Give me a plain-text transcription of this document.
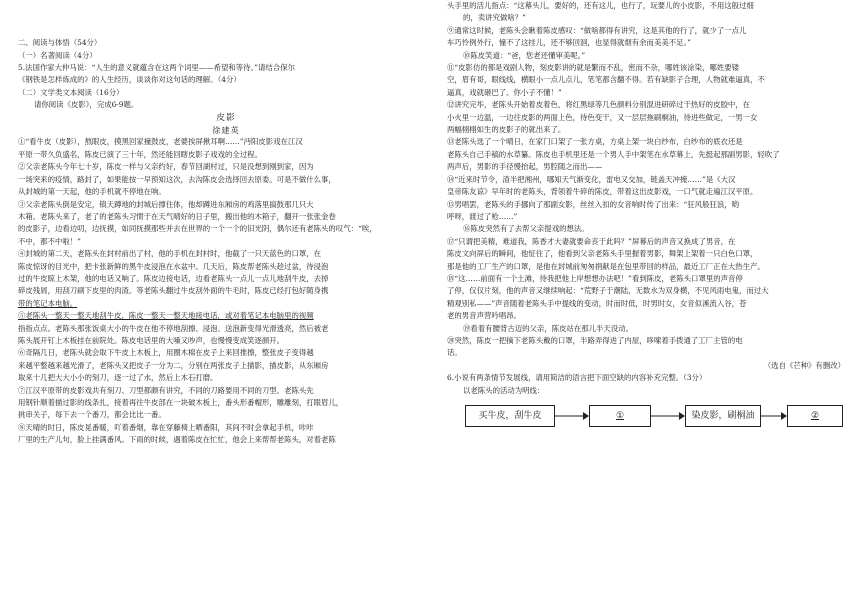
二、阅读与体悟（54分）
（一）名著阅读（4分）
5.法国作家大仲马说：“人生的意义就蕴含在这两个词里——希望和等待。”请结合保尔
《钢铁是怎样炼成的》的人生经历，谈谈你对这句话的理解。（4分）
（二）文学类文本阅读（16分）
请你阅读《皮影》，完成6-9题。
皮影
徐建英
①“看牛皮（皮影），熬眼皮，摸黑回家撞鼓皮，老婆挨屏揪耳啊……”沔阳皮影戏在江汉
平原一带久负盛名，陈皮已演了三十年，然还能回瞎皮影子戏戏的全过程。
②父亲老陈头今年七十岁，陈皮一样与父亲约好，春节回湖村过，只是没想到刚到家，因为
一场突来的疫情，路封了，如果能按一早预知这次，去沟陈皮会选择回去原委。可是不做什么事，
从封城的第一天起，他的手机就不停地在响。
③父亲老陈头倒是安定，镇天蹲地的封城后撑住体，他却蹲进东厢房的鸡落里搞鼓那几只大
木箱。老陈头来了，老了的老陈头习惯于在天气晴好的日子里，搬出他的木箱子，翻开一张张金卷
的皮影子，边看边叨，边抚摸，如同抚摸那些并去在世界的一个一个的旧光阴，偶尔还有老陈头的叹气：“唉，
不中，都不中啦！”
④封城的第二天，老陈头在封村前出了村，他的手机在封村时，他截了一只天蓝色的口罩，在
陈皮惊讶的目光中，把卡张新鲜的黑牛皮浸泡在水盆中。几天后，陈皮帮老陈头趁过盆，待浸泡
过的牛皮晾上木架，他的电话又响了。陈皮边接电话，边看老陈头一点儿一点儿地刮牛皮，去掉
碎皮残屑，用刮刀刷下皮里的肉渣。等老陈头翻过牛皮刮外面的牛毛时，陈皮已经打包好随身携
带的笔记本电脑。
⑤老陈头一整天一整天地刮牛皮，陈皮一整天一整天地接电话，或对着笔记本电脑里的视频
指指点点。老陈头那张饭桌大小的牛皮在他不停地刮擦、浸泡、送泡新变得光滑透亮，然后被老
陈头展开钉上木板挂在前院处。陈皮电话里的大嗓又吵声，也慢慢变成笑逐颜开。
⑥奇隔几日，老陈头就会取下牛皮上木板上，用圈木棉在皮子上来回推擦，整张皮子变得越
来越平整越来越光滑了，老陈头又把皮子一分为二，分别在两张皮子上描影，描皮影，从东厢房
取来十几把大大小小的刻刀，逐一过了水，然后上木石打磨。
⑦江汉平原带的皮影戏共有刻刀、刀型都颇有讲究，不同的刀路要用不同的刀型。老陈头先
用钢针顺着描过影的线条扎，接着再往牛皮部在一块破木板上，番头形番帽形，雕雕刻，打眼眉儿，
挑串关子，每下去一个番刀，都会比比一番。
⑧天晴的时日，陈皮晃番暖，吖着番烟，靠在穿藤椅上晒番阳，其间不时会拿起手机，咔咔
厂里的生产儿句，脸上挂满番风。下雨的时候，遇着陈皮在忙忙，他会上来帮帮老陈头，对着老陈
头手里的活儿指点：“这幕头儿，要好的，还有这儿，也行了，玩要儿的小皮影，不用这般过细
的，卖讲究做啥？”
⑨通常这时候，老陈头会瞅着陈皮感叹：“做啥都得有讲究，这是其他的行了，就少了一点儿
车巧怜例外行，憧不了这挂儿，还不够回洄，也显得就烟有余而美美不足。”
⑩陈皮笑道：“爸，您老还懂审美呢。”
⑪“皮影仿的都是戏剧人物，刻皮影讲的就是繁而不乱，密而不杂，哪姓该涂染，哪姓要镂
空，眉有哥，眼线线，横眼小一点儿点儿，笔笔都含翻不得。若有缺影子合理，人物就难逼真，不
逼真，戏就砸巴了。你小子不懂！”
⑫讲究完毕，老陈头开始着皮着色，将红黑绿等几色颜料分别混进研碎过干热好的皮胶中，在
小火里一边温，一边往皮影的两面上色，待色变干，又一层层拖刷桐油，待进些做定，一男一女
两幅栩栩如生的皮影子的就出来了。
⑬老陈头选了一个晴日，在家门口架了一张方桌，方桌上架一块白纱布，白纱布的底衣还是
老陈头自己手稿的水草纂。陈皮也手机里还是一个男人手中架笔在水草幕上，先挺起那副男影，轻吹了
两声后，男影的手径慢抬起，男腔随之而出——
⑭“近来时节令，渣半把湘州，哪知天气渐变化，雷电又交加，链盖天冲掩……”是《大汉
皇帝陈友谅》早年时的老陈头，背领着牛碎的陈皮，带着这出皮影戏，一口气就走遍江汉平原。
⑮男唱罢，老陈头的手挪向了那副女影，丝丝入扣的女音响时传了出来：“狂风般狂浪，哟
呼呀，渡过了枪……”
⑯陈皮突然有了去帮父亲提戏的想法。
⑰“只谓把美精，难道我，陈香才大妻就要命丧于此吗？”屏幕后的声音又换成了男音，在
陈皮文向屏后的瞬间，他怔住了，他看到父亲老陈头手里握着男影，舞架上架着一只白色口罩，
那是他的工厂生产的口罩，是他在封城前匆匆捐献是在包里带回的样品，最近工厂正在大热生产。
⑱“这……前面有一个土滩，待我把他上岸想想办法吧！”看到陈皮，老陈头口罩里的声音停
了停，仅仅片刻，他的声音又继续响起：“荒野子于潮陆，无数水为双身横，不见风雨电鬼，而过大
精观别私——”声音随着老陈头手中提线的变动，时而时低，时男时女，女音似溪流入谷，苍
老的男音声营吟唱昂。
⑲看着有腰背古迈的父亲，陈皮站在那儿半天没动。
⑳突然，陈皮一把摘下老陈头戴的口罩，半路弄得进了内屋，哆嗦着手拨通了工厂主管的电
话。
（选自《芒种》有删改）
6.小说有两条情节发展线，请用简洁的语言把下面空缺的内容补充完整。（3分）
以老陈头的活动为明线：
买牛皮，刮牛皮	①	染皮影，刷桐油	②
